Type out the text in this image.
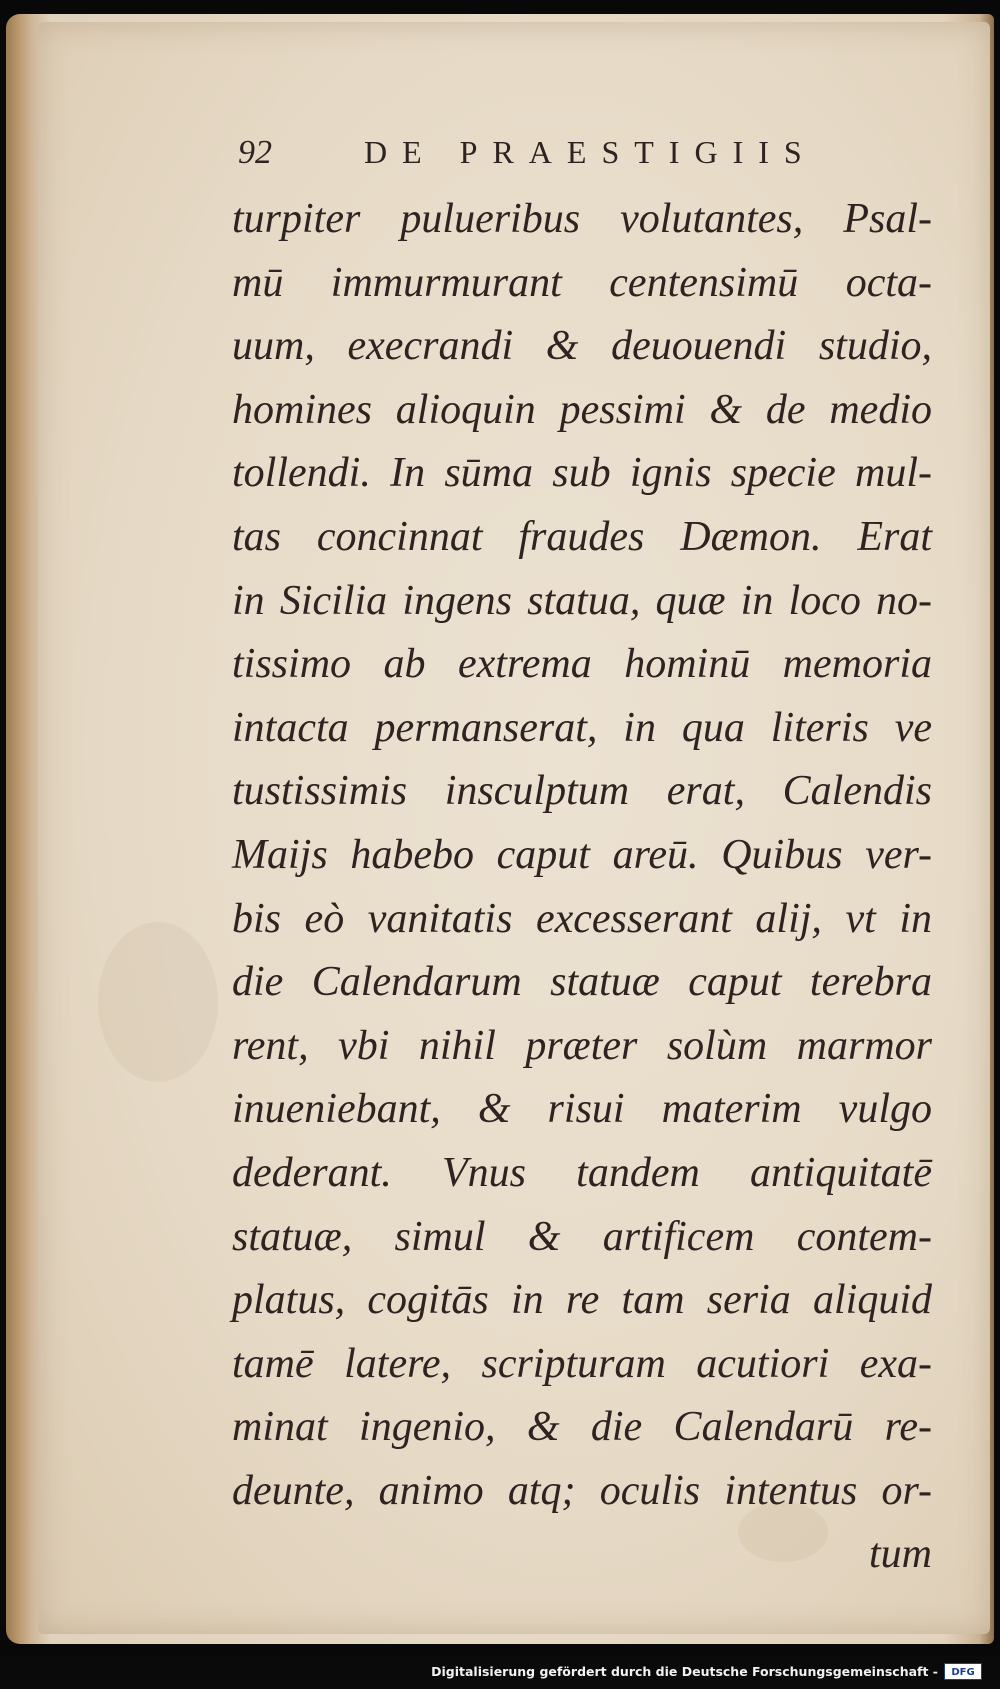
92	DE PRAESTIGIIS
turpiter pulueribus volutantes, Psal-
mū immurmurant centensimū octa-
uum, execrandi & deuouendi studio,
homines alioquin pessimi & de medio
tollendi. In sūma sub ignis specie mul-
tas concinnat fraudes Dæmon. Erat
in Sicilia ingens statua, quæ in loco no-
tissimo ab extrema hominū memoria
intacta permanserat, in qua literis ve
tustissimis insculptum erat, Calendis
Maijs habebo caput areū. Quibus ver-
bis eò vanitatis excesserant alij, vt in
die Calendarum statuæ caput terebra
rent, vbi nihil præter solùm marmor
inueniebant, & risui materim vulgo
dederant. Vnus tandem antiquitatē
statuæ, simul & artificem contem-
platus, cogitās in re tam seria aliquid
tamē latere, scripturam acutiori exa-
minat ingenio, & die Calendarū re-
deunte, animo atq; oculis intentus or-
tum
Digitalisierung gefördert durch die Deutsche Forschungsgemeinschaft -	DFG
